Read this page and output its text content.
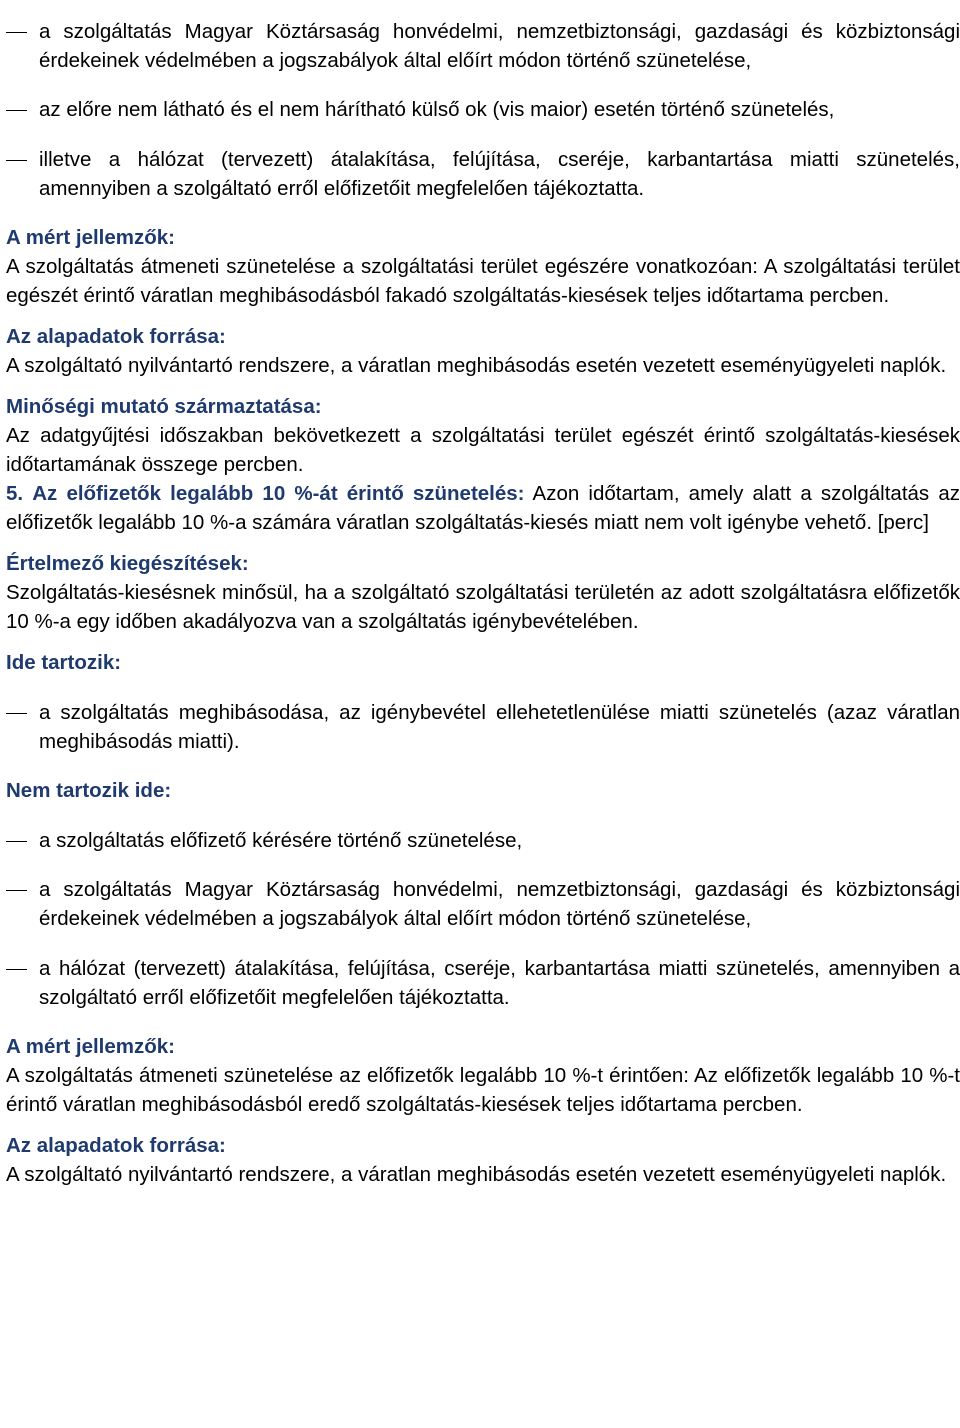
a szolgáltatás Magyar Köztársaság honvédelmi, nemzetbiztonsági, gazdasági és közbiztonsági érdekeinek védelmében a jogszabályok által előírt módon történő szünetelése,

az előre nem látható és el nem hárítható külső ok (vis maior) esetén történő szünetelés,

illetve a hálózat (tervezett) átalakítása, felújítása, cseréje, karbantartása miatti szünetelés, amennyiben a szolgáltató erről előfizetőit megfelelően tájékoztatta.

A mért jellemzők:
A szolgáltatás átmeneti szünetelése a szolgáltatási terület egészére vonatkozóan: A szolgáltatási terület egészét érintő váratlan meghibásodásból fakadó szolgáltatás-kiesések teljes időtartama percben.
Az alapadatok forrása:
A szolgáltató nyilvántartó rendszere, a váratlan meghibásodás esetén vezetett eseményügyeleti naplók.
Minőségi mutató származtatása:
Az adatgyűjtési időszakban bekövetkezett a szolgáltatási terület egészét érintő szolgáltatás-kiesések időtartamának összege percben.

5. Az előfizetők legalább 10 %-át érintő szünetelés: Azon időtartam, amely alatt a szolgáltatás az előfizetők legalább 10 %-a számára váratlan szolgáltatás-kiesés miatt nem volt igénybe vehető. [perc]

Értelmező kiegészítések:
Szolgáltatás-kiesésnek minősül, ha a szolgáltató szolgáltatási területén az adott szolgáltatásra előfizetők 10 %-a egy időben akadályozva van a szolgáltatás igénybevételében.
Ide tartozik:

a szolgáltatás meghibásodása, az igénybevétel ellehetetlenülése miatti szünetelés (azaz váratlan meghibásodás miatti).

Nem tartozik ide:

a szolgáltatás előfizető kérésére történő szünetelése,

a szolgáltatás Magyar Köztársaság honvédelmi, nemzetbiztonsági, gazdasági és közbiztonsági érdekeinek védelmében a jogszabályok által előírt módon történő szünetelése,

a hálózat (tervezett) átalakítása, felújítása, cseréje, karbantartása miatti szünetelés, amennyiben a szolgáltató erről előfizetőit megfelelően tájékoztatta.

A mért jellemzők:
A szolgáltatás átmeneti szünetelése az előfizetők legalább 10 %-t érintően: Az előfizetők legalább 10 %-t érintő váratlan meghibásodásból eredő szolgáltatás-kiesések teljes időtartama percben.
Az alapadatok forrása:
A szolgáltató nyilvántartó rendszere, a váratlan meghibásodás esetén vezetett eseményügyeleti naplók.
